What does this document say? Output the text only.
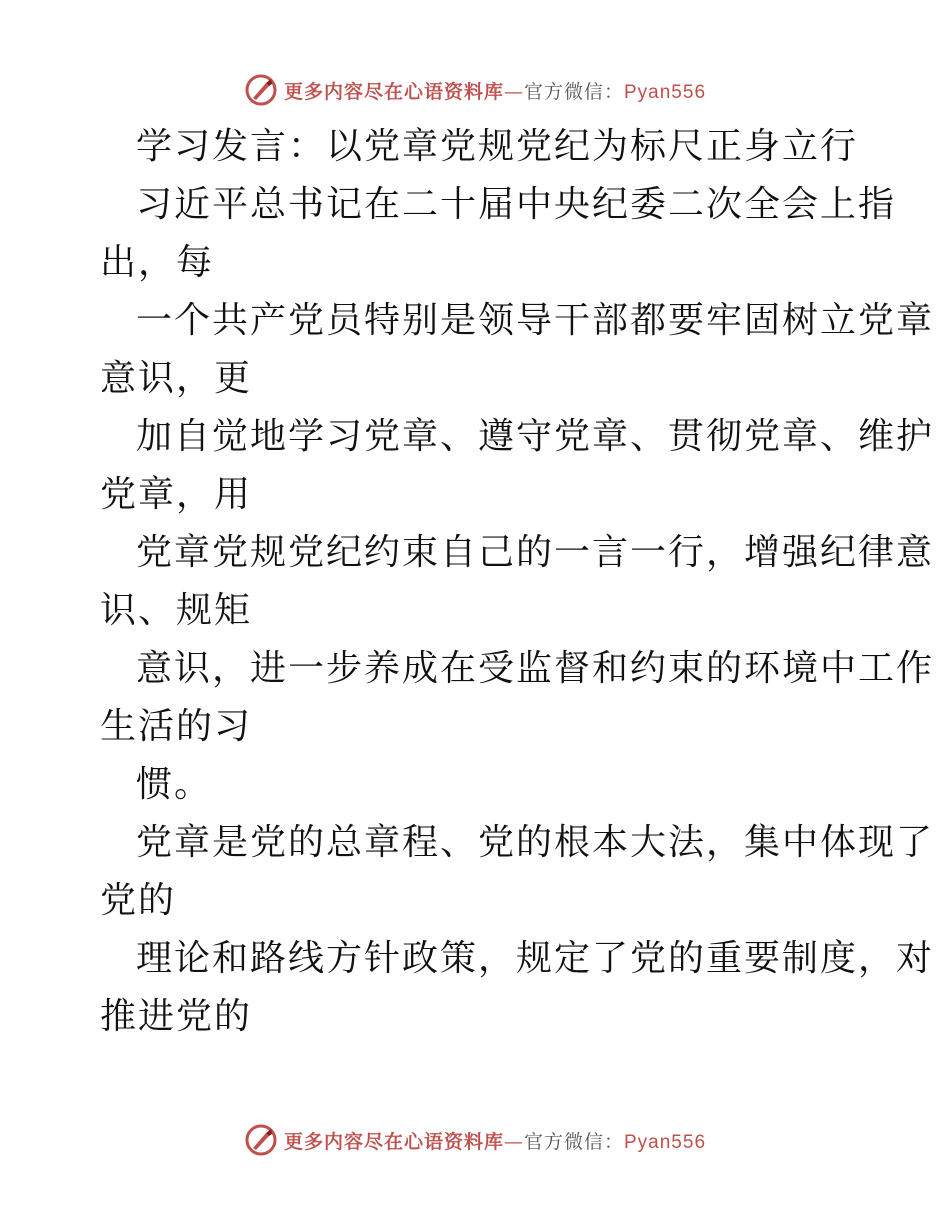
更多内容尽在心语资料库—官方微信：Pyan556
学习发言：以党章党规党纪为标尺正身立行
习近平总书记在二十届中央纪委二次全会上指
出，每
一个共产党员特别是领导干部都要牢固树立党章
意识，更
加自觉地学习党章、遵守党章、贯彻党章、维护
党章，用
党章党规党纪约束自己的一言一行，增强纪律意
识、规矩
意识，进一步养成在受监督和约束的环境中工作
生活的习
惯。
党章是党的总章程、党的根本大法，集中体现了
党的
理论和路线方针政策，规定了党的重要制度，对
推进党的
更多内容尽在心语资料库—官方微信：Pyan556
